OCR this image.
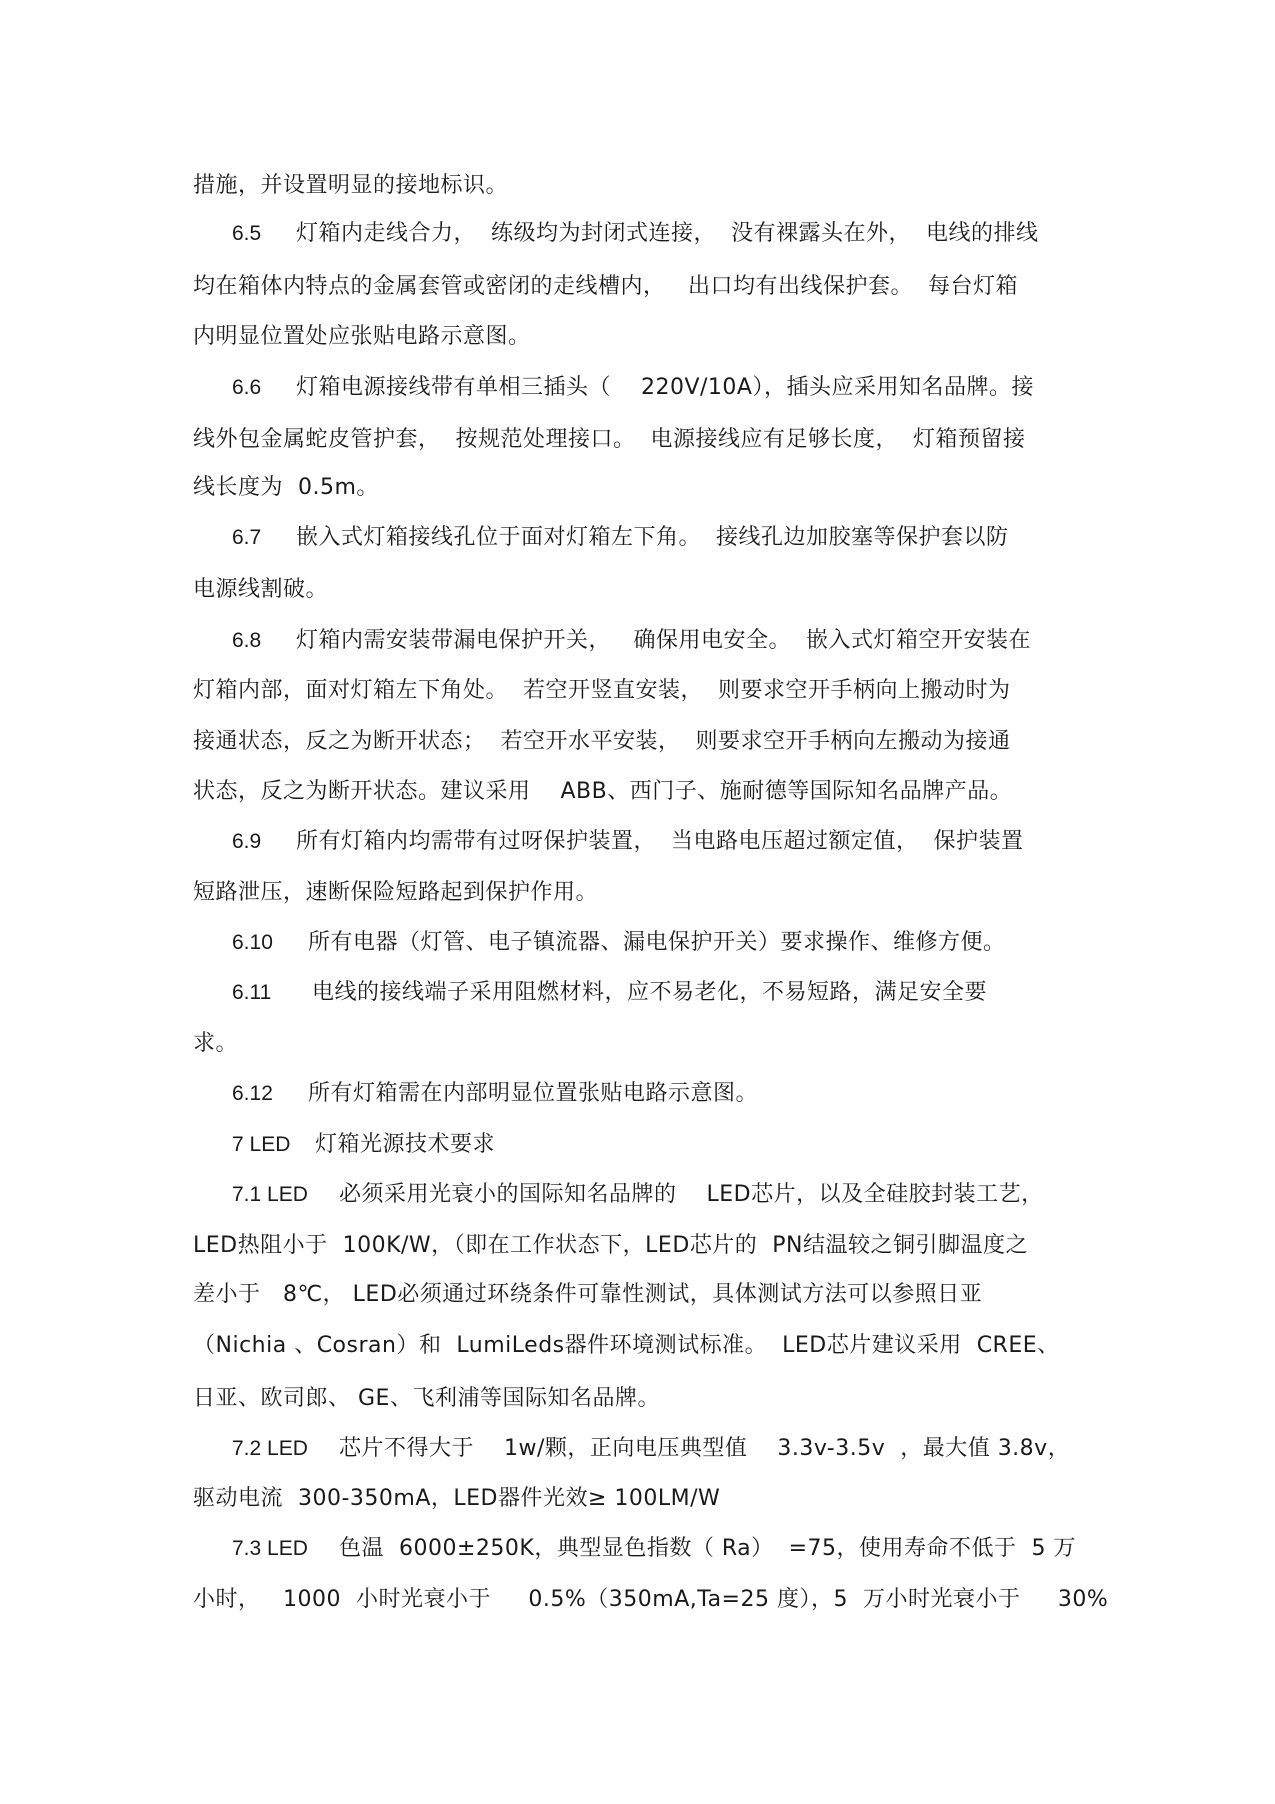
措施，并设置明显的接地标识。
6.5 灯箱内走线合力，  练级均为封闭式连接，  没有裸露头在外，  电线的排线
均在箱体内特点的金属套管或密闭的走线槽内，   出口均有出线保护套。  每台灯箱
内明显位置处应张贴电路示意图。
6.6 灯箱电源接线带有单相三插头（    220V/10A），插头应采用知名品牌。接
线外包金属蛇皮管护套，  按规范处理接口。  电源接线应有足够长度，  灯箱预留接
线长度为  0.5m。
6.7 嵌入式灯箱接线孔位于面对灯箱左下角。  接线孔边加胶塞等保护套以防
电源线割破。
6.8 灯箱内需安装带漏电保护开关，   确保用电安全。  嵌入式灯箱空开安装在
灯箱内部，面对灯箱左下角处。  若空开竖直安装，  则要求空开手柄向上搬动时为
接通状态，反之为断开状态；  若空开水平安装，  则要求空开手柄向左搬动为接通
状态，反之为断开状态。建议采用    ABB、西门子、施耐德等国际知名品牌产品。
6.9 所有灯箱内均需带有过呀保护装置，  当电路电压超过额定值，  保护装置
短路泄压，速断保险短路起到保护作用。
6.10 所有电器（灯管、电子镇流器、漏电保护开关）要求操作、维修方便。
6.11 电线的接线端子采用阻燃材料，应不易老化，不易短路，满足安全要
求。
6.12 所有灯箱需在内部明显位置张贴电路示意图。
7 LED 灯箱光源技术要求
7.1 LED 必须采用光衰小的国际知名品牌的    LED芯片，以及全硅胶封装工艺，
LED热阻小于  100K/W，（即在工作状态下，LED芯片的  PN结温较之铜引脚温度之
差小于   8℃， LED必须通过环绕条件可靠性测试，具体测试方法可以参照日亚
（Nichia 、Cosran）和  LumiLeds器件环境测试标准。  LED芯片建议采用  CREE、
日亚、欧司郎、 GE、飞利浦等国际知名品牌。
7.2 LED 芯片不得大于    1w/颗，正向电压典型值    3.3v-3.5v  ，最大值 3.8v，
驱动电流  300-350mA，LED器件光效≥ 100LM/W
7.3 LED 色温  6000±250K，典型显色指数（ Ra）  =75，使用寿命不低于  5 万
小时，   1000  小时光衰小于     0.5%（350mA,Ta=25 度），5  万小时光衰小于     30%
